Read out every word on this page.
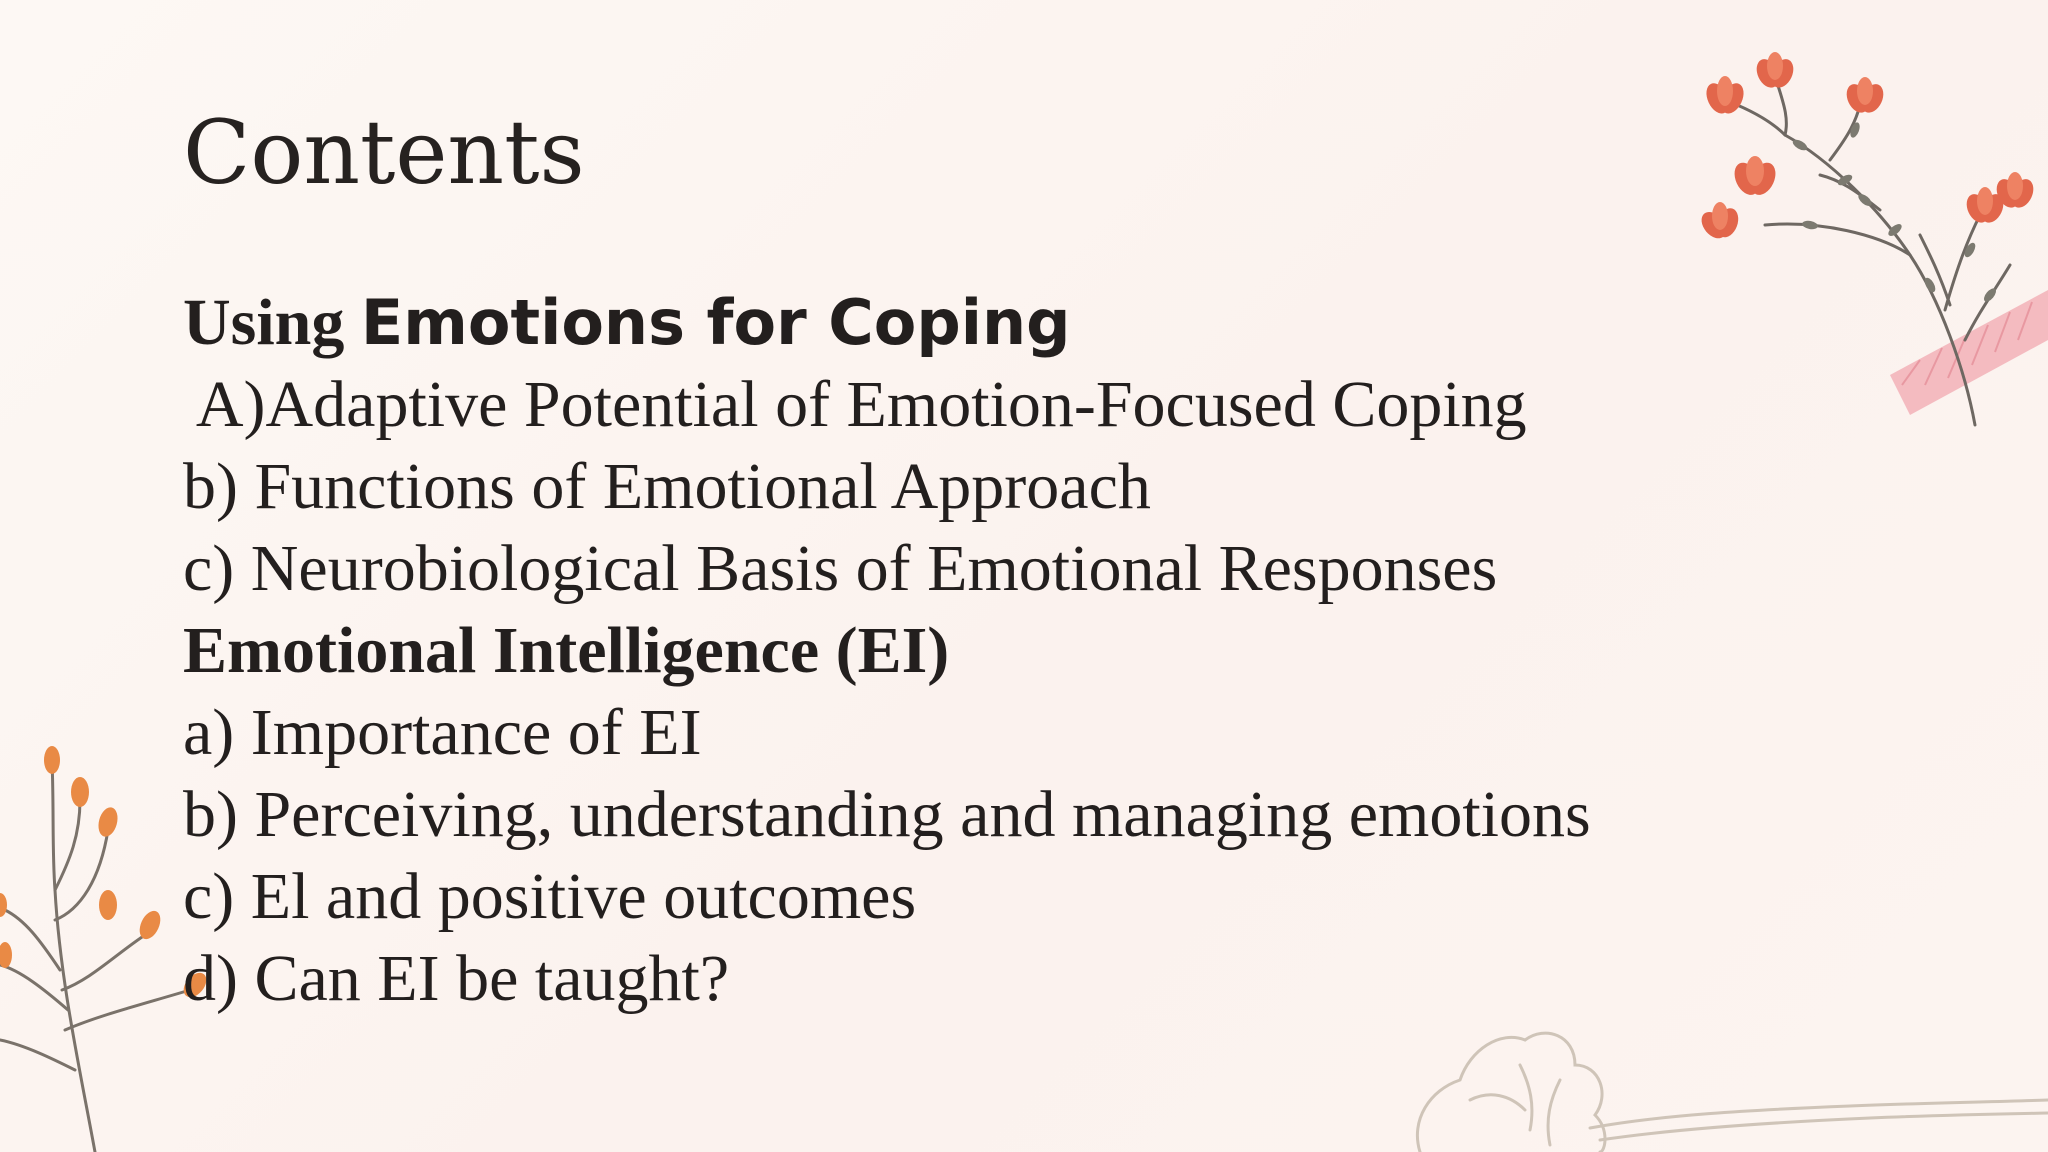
Contents
Using Emotions for Coping
A)Adaptive Potential of Emotion-Focused Coping
b) Functions of Emotional Approach
c) Neurobiological Basis of Emotional Responses
Emotional Intelligence (EI)
a) Importance of EI
b) Perceiving, understanding and managing emotions
c) El and positive outcomes
d) Can EI be taught?
